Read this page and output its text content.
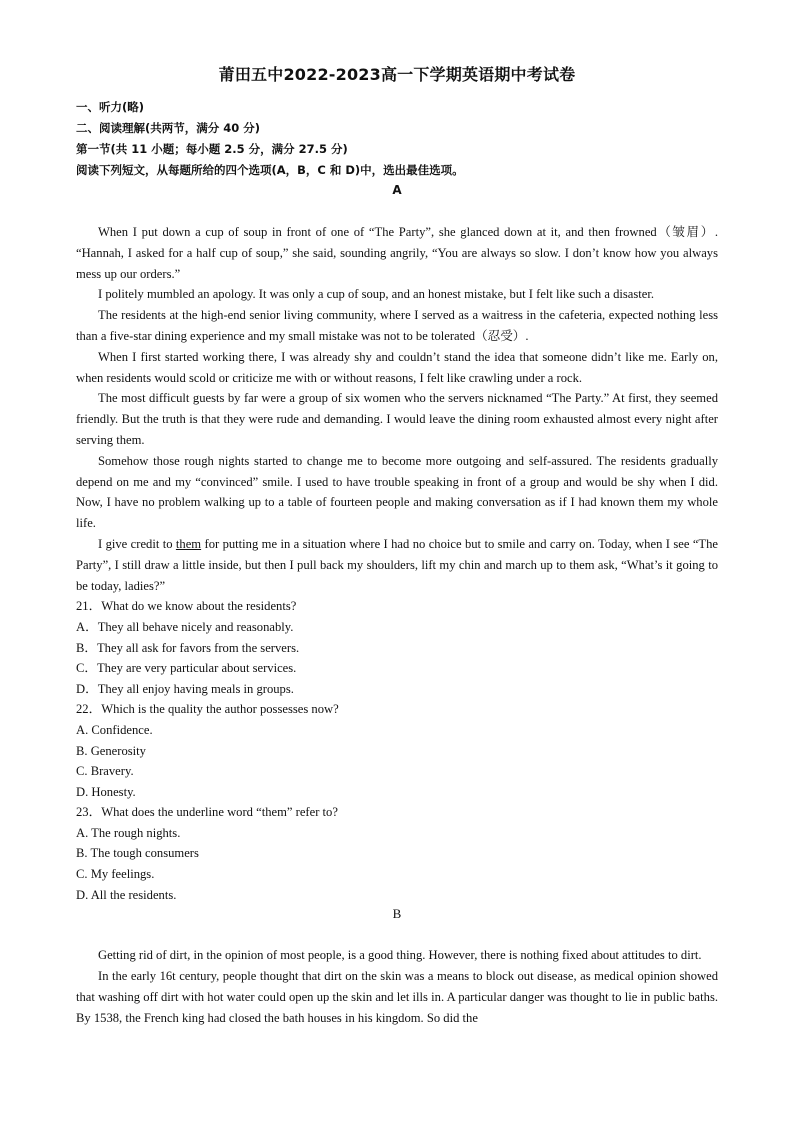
莆田五中2022-2023高一下学期英语期中考试卷
一、听力(略)
二、阅读理解(共两节，满分 40 分)
第一节(共 11 小题；每小题 2.5 分，满分 27.5 分)
阅读下列短文，从每题所给的四个选项(A，B，C 和 D)中，选出最佳选项。
A

When I put down a cup of soup in front of one of “The Party”, she glanced down at it, and then frowned（皱眉）. “Hannah, I asked for a half cup of soup,” she said, sounding angrily, “You are always so slow. I don’t know how you always mess up our orders.”

I politely mumbled an apology. It was only a cup of soup, and an honest mistake, but I felt like such a disaster.

The residents at the high-end senior living community, where I served as a waitress in the cafeteria, expected nothing less than a five-star dining experience and my small mistake was not to be tolerated（忍受）.

When I first started working there, I was already shy and couldn’t stand the idea that someone didn’t like me. Early on, when residents would scold or criticize me with or without reasons, I felt like crawling under a rock.

The most difficult guests by far were a group of six women who the servers nicknamed “The Party.” At first, they seemed friendly. But the truth is that they were rude and demanding. I would leave the dining room exhausted almost every night after serving them.

Somehow those rough nights started to change me to become more outgoing and self-assured. The residents gradually depend on me and my “convinced” smile. I used to have trouble speaking in front of a group and would be shy when I did. Now, I have no problem walking up to a table of fourteen people and making conversation as if I had known them my whole life.

I give credit to them for putting me in a situation where I had no choice but to smile and carry on. Today, when I see “The Party”, I still draw a little inside, but then I pull back my shoulders, lift my chin and march up to them ask, “What’s it going to be today, ladies?”

21．What do we know about the residents?
A．They all behave nicely and reasonably.
B．They all ask for favors from the servers.
C．They are very particular about services.
D．They all enjoy having meals in groups.
22．Which is the quality the author possesses now?
A. Confidence.
B. Generosity
C. Bravery.
D. Honesty.
23．What does the underline word “them” refer to?
A. The rough nights.
B. The tough consumers
C. My feelings.
D. All the residents.
B

Getting rid of dirt, in the opinion of most people, is a good thing. However, there is nothing fixed about attitudes to dirt.

In the early 16t century, people thought that dirt on the skin was a means to block out disease, as medical opinion showed that washing off dirt with hot water could open up the skin and let ills in. A particular danger was thought to lie in public baths. By 1538, the French king had closed the bath houses in his kingdom. So did the
